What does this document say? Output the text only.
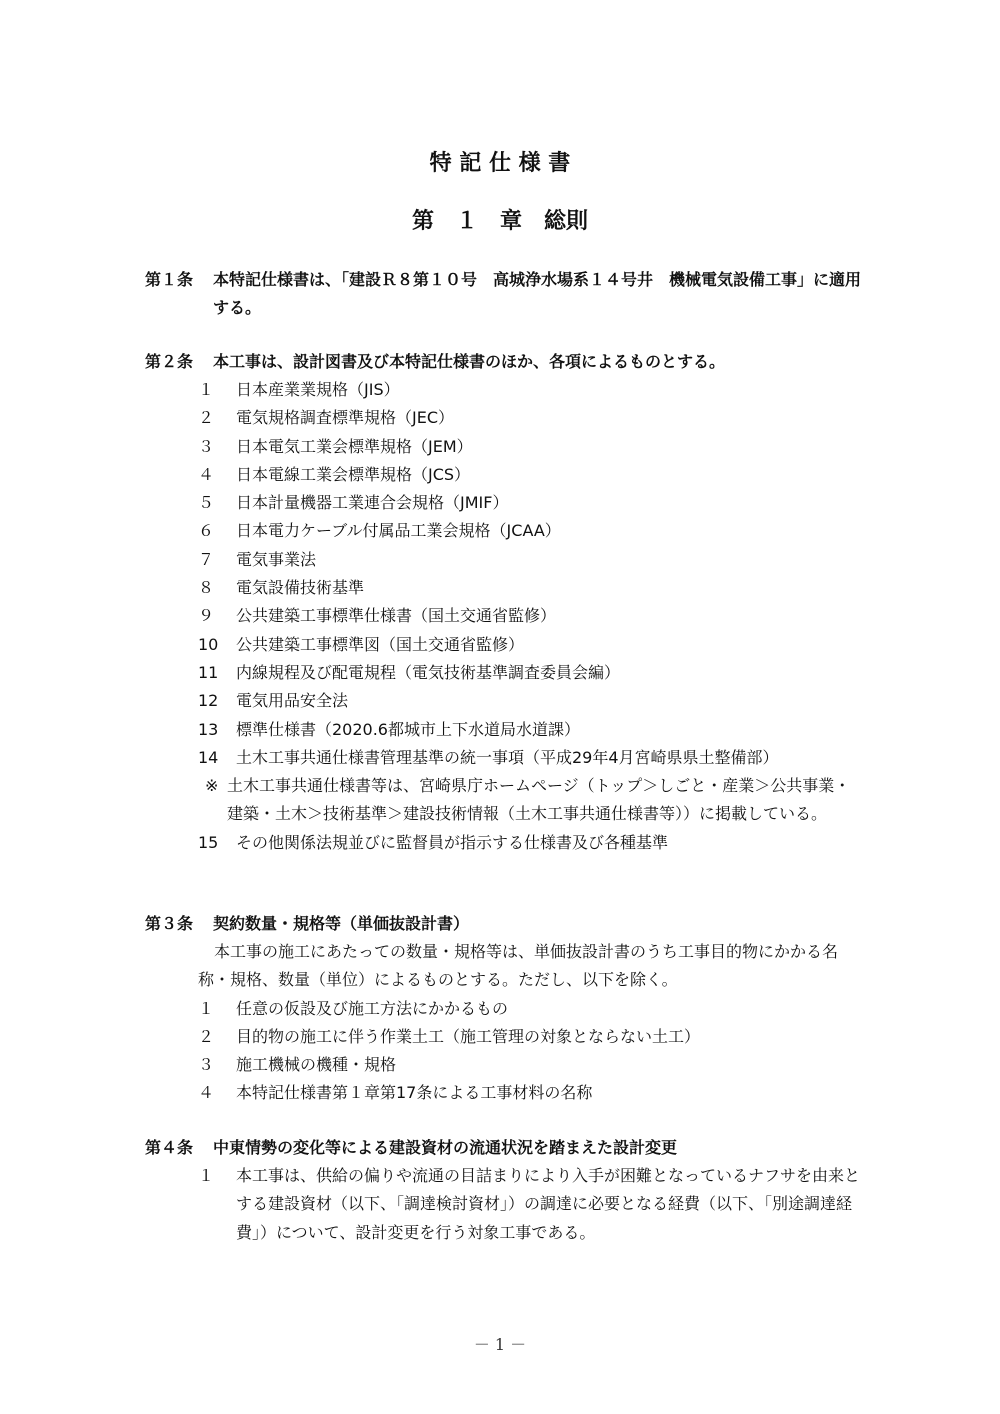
特 記 仕 様 書
第　１　章　総則
第１条	本特記仕様書は、「建設Ｒ８第１０号　高城浄水場系１４号井　機械電気設備工事」に適用する。
第２条	本工事は、設計図書及び本特記仕様書のほか、各項によるものとする。
１	日本産業業規格（JIS）
２	電気規格調査標準規格（JEC）
３	日本電気工業会標準規格（JEM）
４	日本電線工業会標準規格（JCS）
５	日本計量機器工業連合会規格（JMIF）
６	日本電力ケーブル付属品工業会規格（JCAA）
７	電気事業法
８	電気設備技術基準
９	公共建築工事標準仕様書（国土交通省監修）
10	公共建築工事標準図（国土交通省監修）
11	内線規程及び配電規程（電気技術基準調査委員会編）
12	電気用品安全法
13	標準仕様書（2020.6都城市上下水道局水道課）
14	土木工事共通仕様書管理基準の統一事項（平成29年4月宮崎県県土整備部）
※ 土木工事共通仕様書等は、宮崎県庁ホームページ（トップ＞しごと・産業＞公共事業・建築・土木＞技術基準＞建設技術情報（土木工事共通仕様書等））に掲載している。
15	その他関係法規並びに監督員が指示する仕様書及び各種基準
第３条	契約数量・規格等（単価抜設計書）
本工事の施工にあたっての数量・規格等は、単価抜設計書のうち工事目的物にかかる名称・規格、数量（単位）によるものとする。ただし、以下を除く。
１	任意の仮設及び施工方法にかかるもの
２	目的物の施工に伴う作業土工（施工管理の対象とならない土工）
３	施工機械の機種・規格
４	本特記仕様書第１章第17条による工事材料の名称
第４条	中東情勢の変化等による建設資材の流通状況を踏まえた設計変更
１	本工事は、供給の偏りや流通の目詰まりにより入手が困難となっているナフサを由来とする建設資材（以下、「調達検討資材」）の調達に必要となる経費（以下、「別途調達経費」）について、設計変更を行う対象工事である。
－ 1 －
